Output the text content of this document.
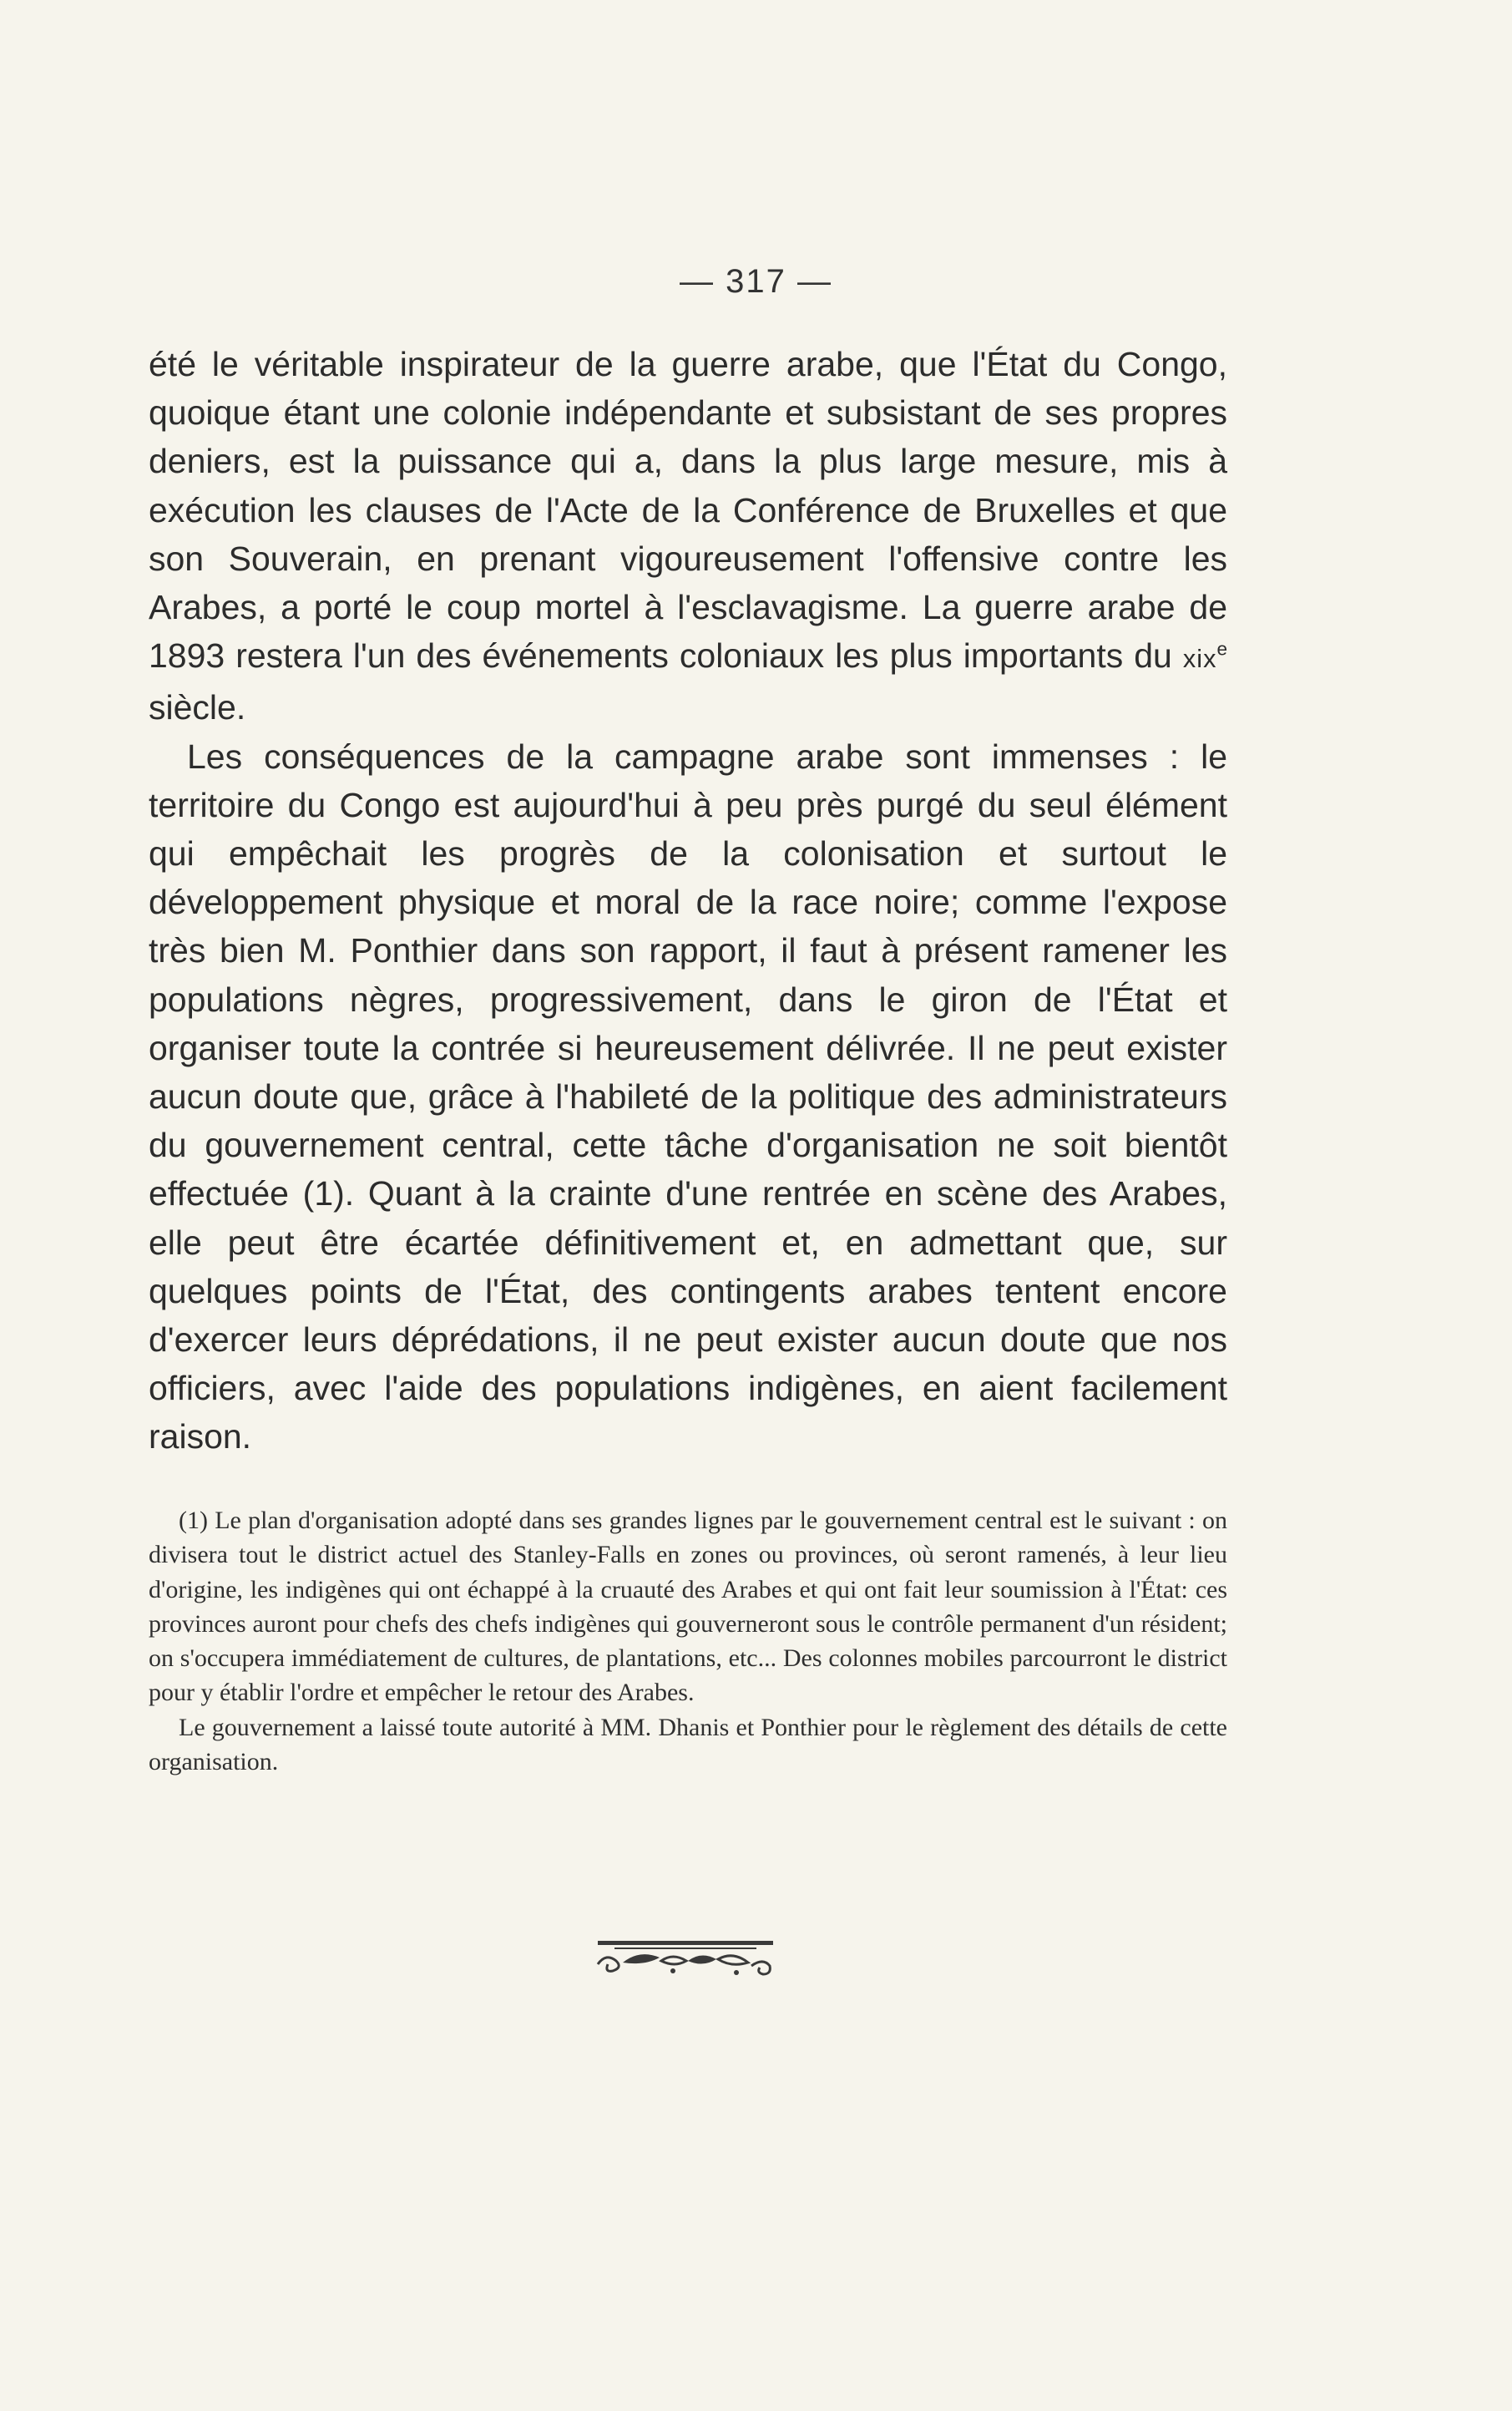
— 317 —

été le véritable inspirateur de la guerre arabe, que l'État du Congo, quoique étant une colonie indépendante et subsistant de ses propres deniers, est la puissance qui a, dans la plus large mesure, mis à exécution les clauses de l'Acte de la Conférence de Bruxelles et que son Souverain, en prenant vigoureusement l'offensive contre les Arabes, a porté le coup mortel à l'esclavagisme. La guerre arabe de 1893 restera l'un des événements coloniaux les plus importants du xix$^e$ siècle.

Les conséquences de la campagne arabe sont immenses : le territoire du Congo est aujourd'hui à peu près purgé du seul élément qui empêchait les progrès de la colonisation et surtout le développement physique et moral de la race noire; comme l'expose très bien M. Ponthier dans son rapport, il faut à présent ramener les populations nègres, progressivement, dans le giron de l'État et organiser toute la contrée si heureusement délivrée. Il ne peut exister aucun doute que, grâce à l'habileté de la politique des administrateurs du gouvernement central, cette tâche d'organisation ne soit bientôt effectuée (1). Quant à la crainte d'une rentrée en scène des Arabes, elle peut être écartée définitivement et, en admettant que, sur quelques points de l'État, des contingents arabes tentent encore d'exercer leurs déprédations, il ne peut exister aucun doute que nos officiers, avec l'aide des populations indigènes, en aient facilement raison.

(1) Le plan d'organisation adopté dans ses grandes lignes par le gouvernement central est le suivant : on divisera tout le district actuel des Stanley-Falls en zones ou provinces, où seront ramenés, à leur lieu d'origine, les indigènes qui ont échappé à la cruauté des Arabes et qui ont fait leur soumission à l'État: ces provinces auront pour chefs des chefs indigènes qui gouverneront sous le contrôle permanent d'un résident; on s'occupera immédiatement de cultures, de plantations, etc... Des colonnes mobiles parcourront le district pour y établir l'ordre et empêcher le retour des Arabes.

Le gouvernement a laissé toute autorité à MM. Dhanis et Ponthier pour le règlement des détails de cette organisation.
